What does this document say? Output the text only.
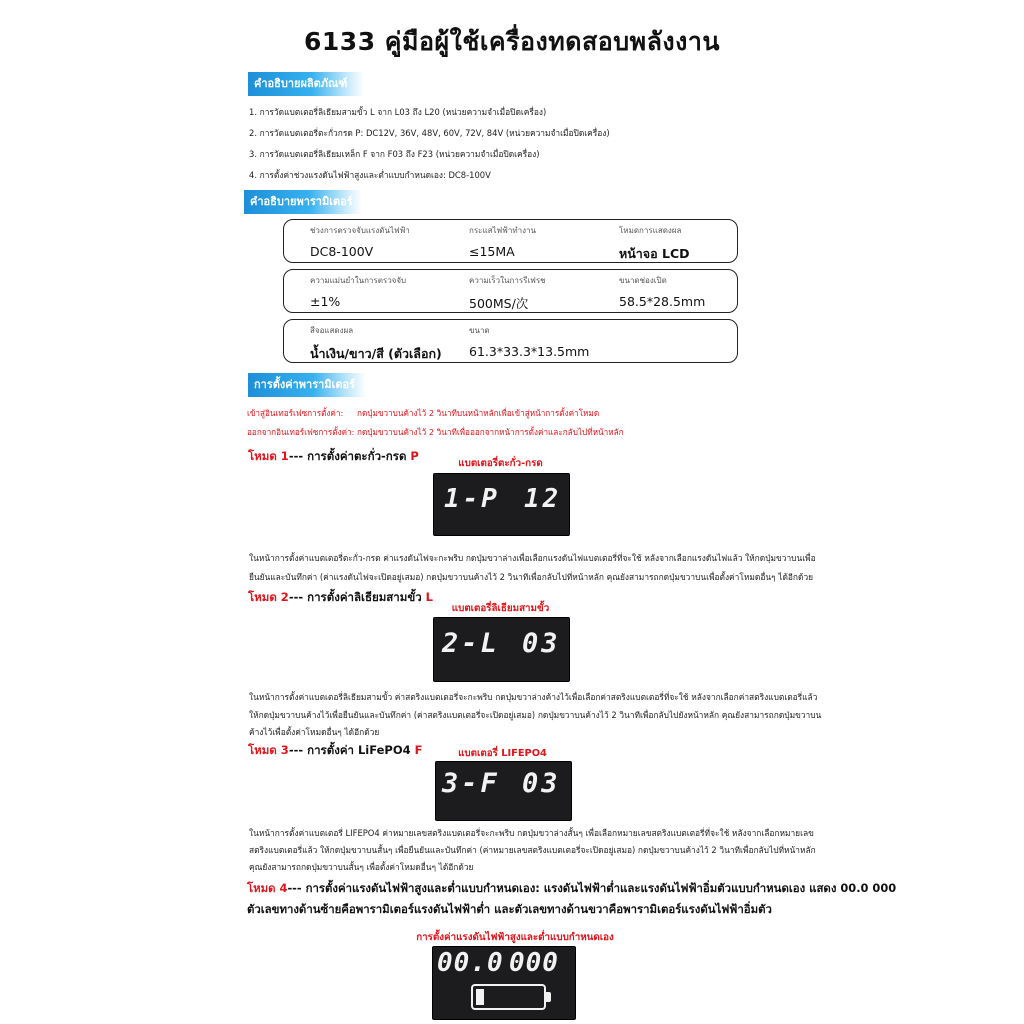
6133 คู่มือผู้ใช้เครื่องทดสอบพลังงาน
คำอธิบายผลิตภัณฑ์
1. การวัดแบตเตอรี่ลิเธียมสามขั้ว L จาก L03 ถึง L20 (หน่วยความจำเมื่อปิดเครื่อง)
2. การวัดแบตเตอรี่ตะกั่วกรด P: DC12V, 36V, 48V, 60V, 72V, 84V (หน่วยความจำเมื่อปิดเครื่อง)
3. การวัดแบตเตอรี่ลิเธียมเหล็ก F จาก F03 ถึง F23 (หน่วยความจำเมื่อปิดเครื่อง)
4. การตั้งค่าช่วงแรงดันไฟฟ้าสูงและต่ำแบบกำหนดเอง: DC8-100V
คำอธิบายพารามิเตอร์
ช่วงการตรวจจับแรงดันไฟฟ้า
DC8-100V
กระแสไฟฟ้าทำงาน
≤15MA
โหมดการแสดงผล
หน้าจอ LCD
ความแม่นยำในการตรวจจับ
±1%
ความเร็วในการรีเฟรช
500MS/次
ขนาดช่องเปิด
58.5*28.5mm
สีจอแสดงผล
น้ำเงิน/ขาว/สี (ตัวเลือก)
ขนาด
61.3*33.3*13.5mm
การตั้งค่าพารามิเตอร์
เข้าสู่อินเทอร์เฟซการตั้งค่า: กดปุ่มขวาบนค้างไว้ 2 วินาทีบนหน้าหลักเพื่อเข้าสู่หน้าการตั้งค่าโหมด
ออกจากอินเทอร์เฟซการตั้งค่า: กดปุ่มขวาบนค้างไว้ 2 วินาทีเพื่อออกจากหน้าการตั้งค่าและกลับไปที่หน้าหลัก
โหมด 1--- การตั้งค่าตะกั่ว-กรด P
แบตเตอรี่ตะกั่ว-กรด
1-P 12
ในหน้าการตั้งค่าแบตเตอรี่ตะกั่ว-กรด ค่าแรงดันไฟจะกะพริบ กดปุ่มขวาล่างเพื่อเลือกแรงดันไฟแบตเตอรี่ที่จะใช้ หลังจากเลือกแรงดันไฟแล้ว ให้กดปุ่มขวาบนเพื่อ
ยืนยันและบันทึกค่า (ค่าแรงดันไฟจะเปิดอยู่เสมอ) กดปุ่มขวาบนค้างไว้ 2 วินาทีเพื่อกลับไปที่หน้าหลัก คุณยังสามารถกดปุ่มขวาบนเพื่อตั้งค่าโหมดอื่นๆ ได้อีกด้วย
โหมด 2--- การตั้งค่าลิเธียมสามขั้ว L
แบตเตอรี่ลิเธียมสามขั้ว
2-L 03
ในหน้าการตั้งค่าแบตเตอรี่ลิเธียมสามขั้ว ค่าสตริงแบตเตอรี่จะกะพริบ กดปุ่มขวาล่างค้างไว้เพื่อเลือกค่าสตริงแบตเตอรี่ที่จะใช้ หลังจากเลือกค่าสตริงแบตเตอรี่แล้ว
ให้กดปุ่มขวาบนค้างไว้เพื่อยืนยันและบันทึกค่า (ค่าสตริงแบตเตอรี่จะเปิดอยู่เสมอ) กดปุ่มขวาบนค้างไว้ 2 วินาทีเพื่อกลับไปยังหน้าหลัก คุณยังสามารถกดปุ่มขวาบน
ค้างไว้เพื่อตั้งค่าโหมดอื่นๆ ได้อีกด้วย
โหมด 3--- การตั้งค่า LiFePO4 F	แบตเตอรี่ LIFEPO4
3-F 03
ในหน้าการตั้งค่าแบตเตอรี่ LIFEPO4 ค่าหมายเลขสตริงแบตเตอรี่จะกะพริบ กดปุ่มขวาล่างสั้นๆ เพื่อเลือกหมายเลขสตริงแบตเตอรี่ที่จะใช้ หลังจากเลือกหมายเลข
สตริงแบตเตอรี่แล้ว ให้กดปุ่มขวาบนสั้นๆ เพื่อยืนยันและบันทึกค่า (ค่าหมายเลขสตริงแบตเตอรี่จะเปิดอยู่เสมอ) กดปุ่มขวาบนค้างไว้ 2 วินาทีเพื่อกลับไปที่หน้าหลัก
คุณยังสามารถกดปุ่มขวาบนสั้นๆ เพื่อตั้งค่าโหมดอื่นๆ ได้อีกด้วย
โหมด 4--- การตั้งค่าแรงดันไฟฟ้าสูงและต่ำแบบกำหนดเอง: แรงดันไฟฟ้าต่ำและแรงดันไฟฟ้าอิ่มตัวแบบกำหนดเอง แสดง 00.0 000
ตัวเลขทางด้านซ้ายคือพารามิเตอร์แรงดันไฟฟ้าต่ำ และตัวเลขทางด้านขวาคือพารามิเตอร์แรงดันไฟฟ้าอิ่มตัว
การตั้งค่าแรงดันไฟฟ้าสูงและต่ำแบบกำหนดเอง
00.0 000
